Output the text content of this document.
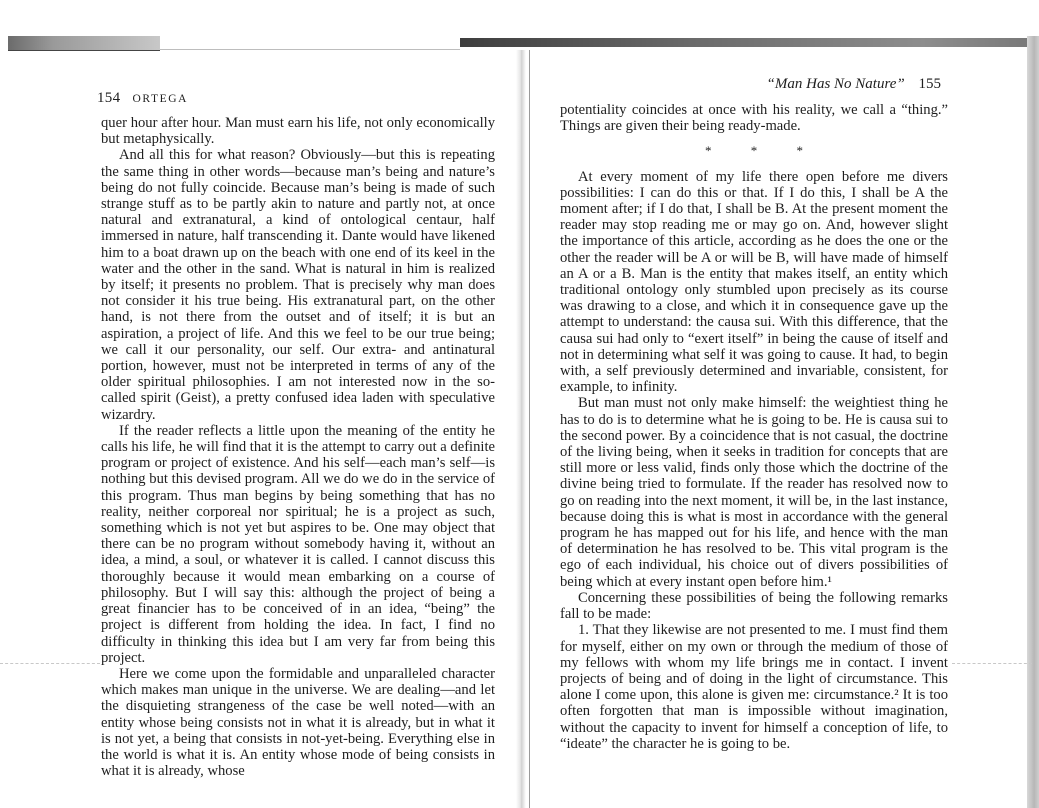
154 ORTEGA

quer hour after hour. Man must earn his life, not only economically but metaphysically.

And all this for what reason? Obviously—but this is repeating the same thing in other words—because man’s being and nature’s being do not fully coincide. Because man’s being is made of such strange stuff as to be partly akin to nature and partly not, at once natural and extranatural, a kind of ontological centaur, half immersed in nature, half transcending it. Dante would have likened him to a boat drawn up on the beach with one end of its keel in the water and the other in the sand. What is natural in him is realized by itself; it presents no problem. That is precisely why man does not consider it his true being. His extranatural part, on the other hand, is not there from the outset and of itself; it is but an aspiration, a project of life. And this we feel to be our true being; we call it our personality, our self. Our extra- and antinatural portion, however, must not be interpreted in terms of any of the older spiritual philosophies. I am not interested now in the so-called spirit (Geist), a pretty confused idea laden with speculative wizardry.

If the reader reflects a little upon the meaning of the entity he calls his life, he will find that it is the attempt to carry out a definite program or project of existence. And his self—each man’s self—is nothing but this devised program. All we do we do in the service of this program. Thus man begins by being something that has no reality, neither corporeal nor spiritual; he is a project as such, something which is not yet but aspires to be. One may object that there can be no program without somebody having it, without an idea, a mind, a soul, or whatever it is called. I cannot discuss this thoroughly because it would mean embarking on a course of philosophy. But I will say this: although the project of being a great financier has to be conceived of in an idea, “being” the project is different from holding the idea. In fact, I find no difficulty in thinking this idea but I am very far from being this project.

Here we come upon the formidable and unparalleled character which makes man unique in the universe. We are dealing—and let the disquieting strangeness of the case be well noted—with an entity whose being consists not in what it is already, but in what it is not yet, a being that consists in not-yet-being. Everything else in the world is what it is. An entity whose mode of being consists in what it is already, whose

“Man Has No Nature” 155

potentiality coincides at once with his reality, we call a “thing.” Things are given their being ready-made.

* * *

At every moment of my life there open before me divers possibilities: I can do this or that. If I do this, I shall be A the moment after; if I do that, I shall be B. At the present moment the reader may stop reading me or may go on. And, however slight the importance of this article, according as he does the one or the other the reader will be A or will be B, will have made of himself an A or a B. Man is the entity that makes itself, an entity which traditional ontology only stumbled upon precisely as its course was drawing to a close, and which it in consequence gave up the attempt to understand: the causa sui. With this difference, that the causa sui had only to “exert itself” in being the cause of itself and not in determining what self it was going to cause. It had, to begin with, a self previously determined and invariable, consistent, for example, to infinity.

But man must not only make himself: the weightiest thing he has to do is to determine what he is going to be. He is causa sui to the second power. By a coincidence that is not casual, the doctrine of the living being, when it seeks in tradition for concepts that are still more or less valid, finds only those which the doctrine of the divine being tried to formulate. If the reader has resolved now to go on reading into the next moment, it will be, in the last instance, because doing this is what is most in accordance with the general program he has mapped out for his life, and hence with the man of determination he has resolved to be. This vital program is the ego of each individual, his choice out of divers possibilities of being which at every instant open before him.¹

Concerning these possibilities of being the following remarks fall to be made:

1. That they likewise are not presented to me. I must find them for myself, either on my own or through the medium of those of my fellows with whom my life brings me in contact. I invent projects of being and of doing in the light of circumstance. This alone I come upon, this alone is given me: circumstance.² It is too often forgotten that man is impossible without imagination, without the capacity to invent for himself a conception of life, to “ideate” the character he is going to be.
